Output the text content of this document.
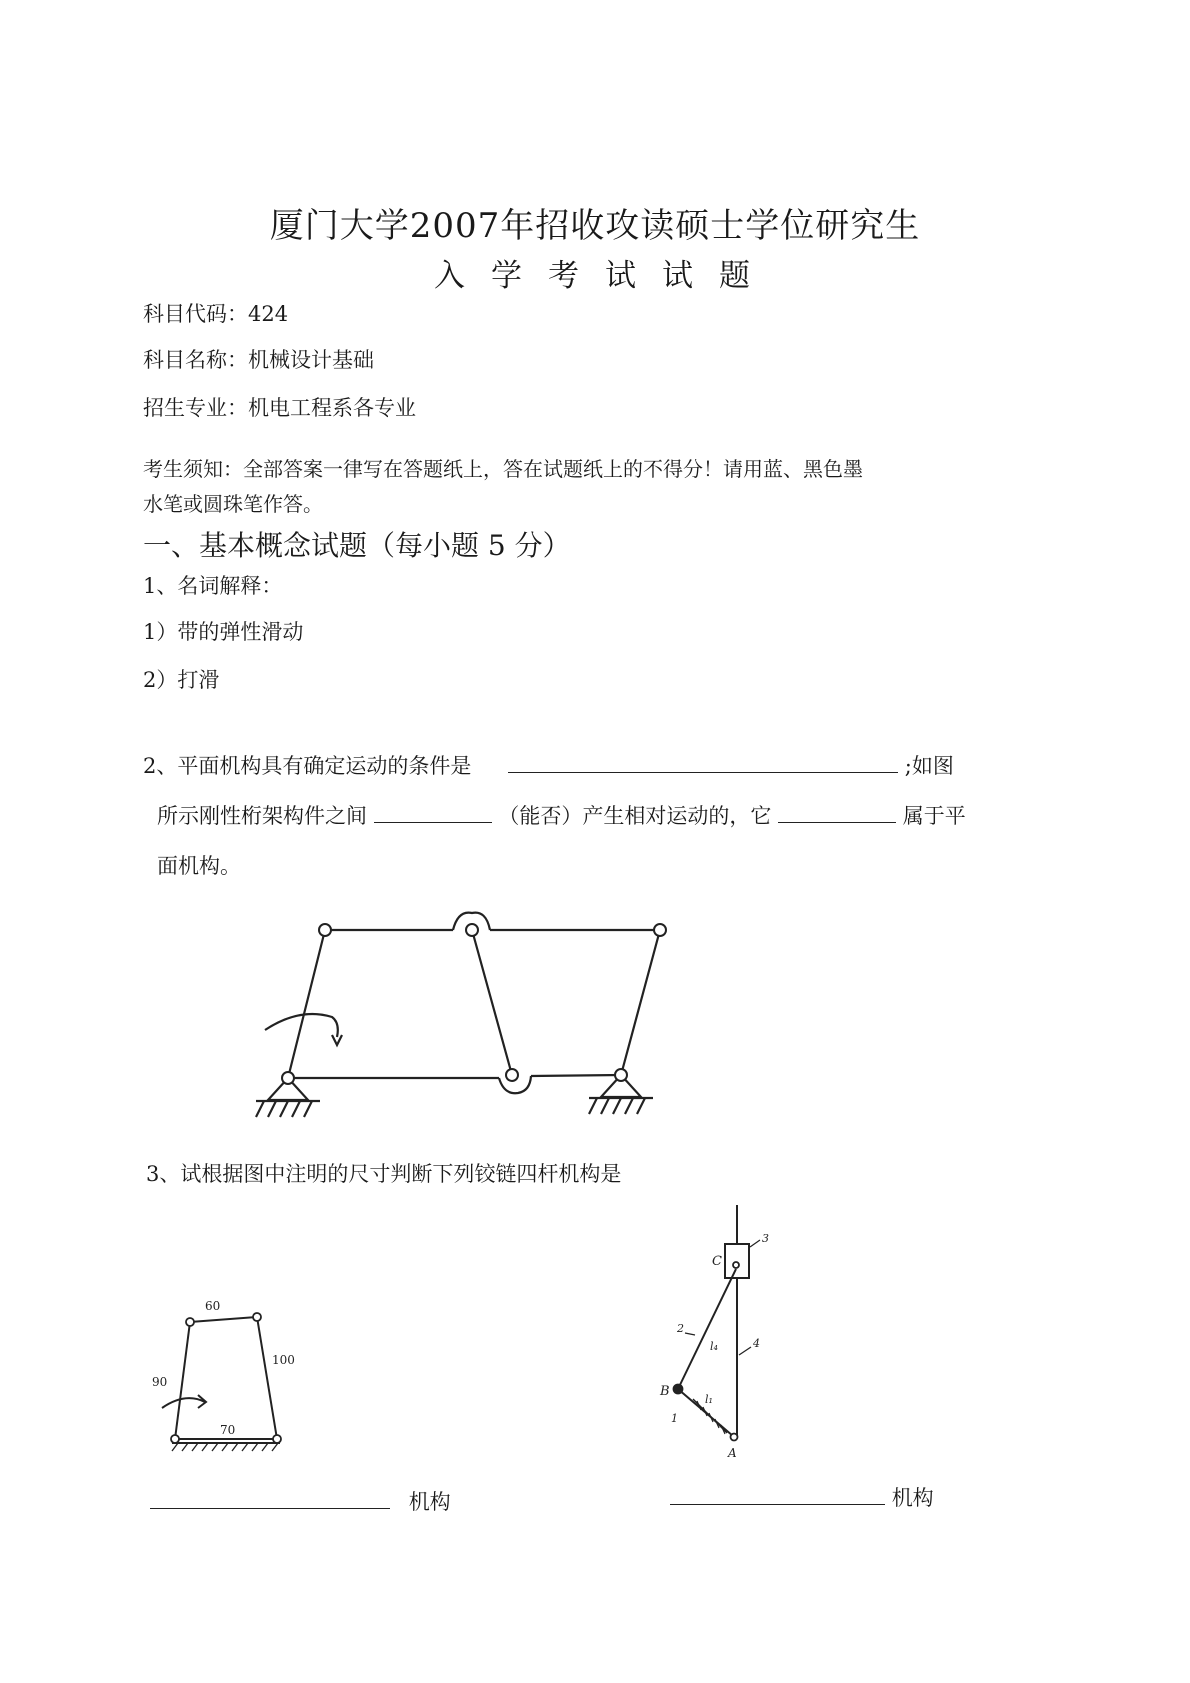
厦门大学2007年招收攻读硕士学位研究生
入学考试试题
科目代码：424
科目名称：机械设计基础
招生专业：机电工程系各专业
考生须知：全部答案一律写在答题纸上，答在试题纸上的不得分！请用蓝、黑色墨
水笔或圆珠笔作答。
一、基本概念试题（每小题 5 分）
1、名词解释：
1）带的弹性滑动
2）打滑
2、平面机构具有确定运动的条件是	;如图
所示刚性桁架构件之间	（能否）产生相对运动的，它	属于平
面机构。
3、试根据图中注明的尺寸判断下列铰链四杆机构是
60
100
90
70
C
3
2
l₄	4
B
l₁
1
A
机构	机构
